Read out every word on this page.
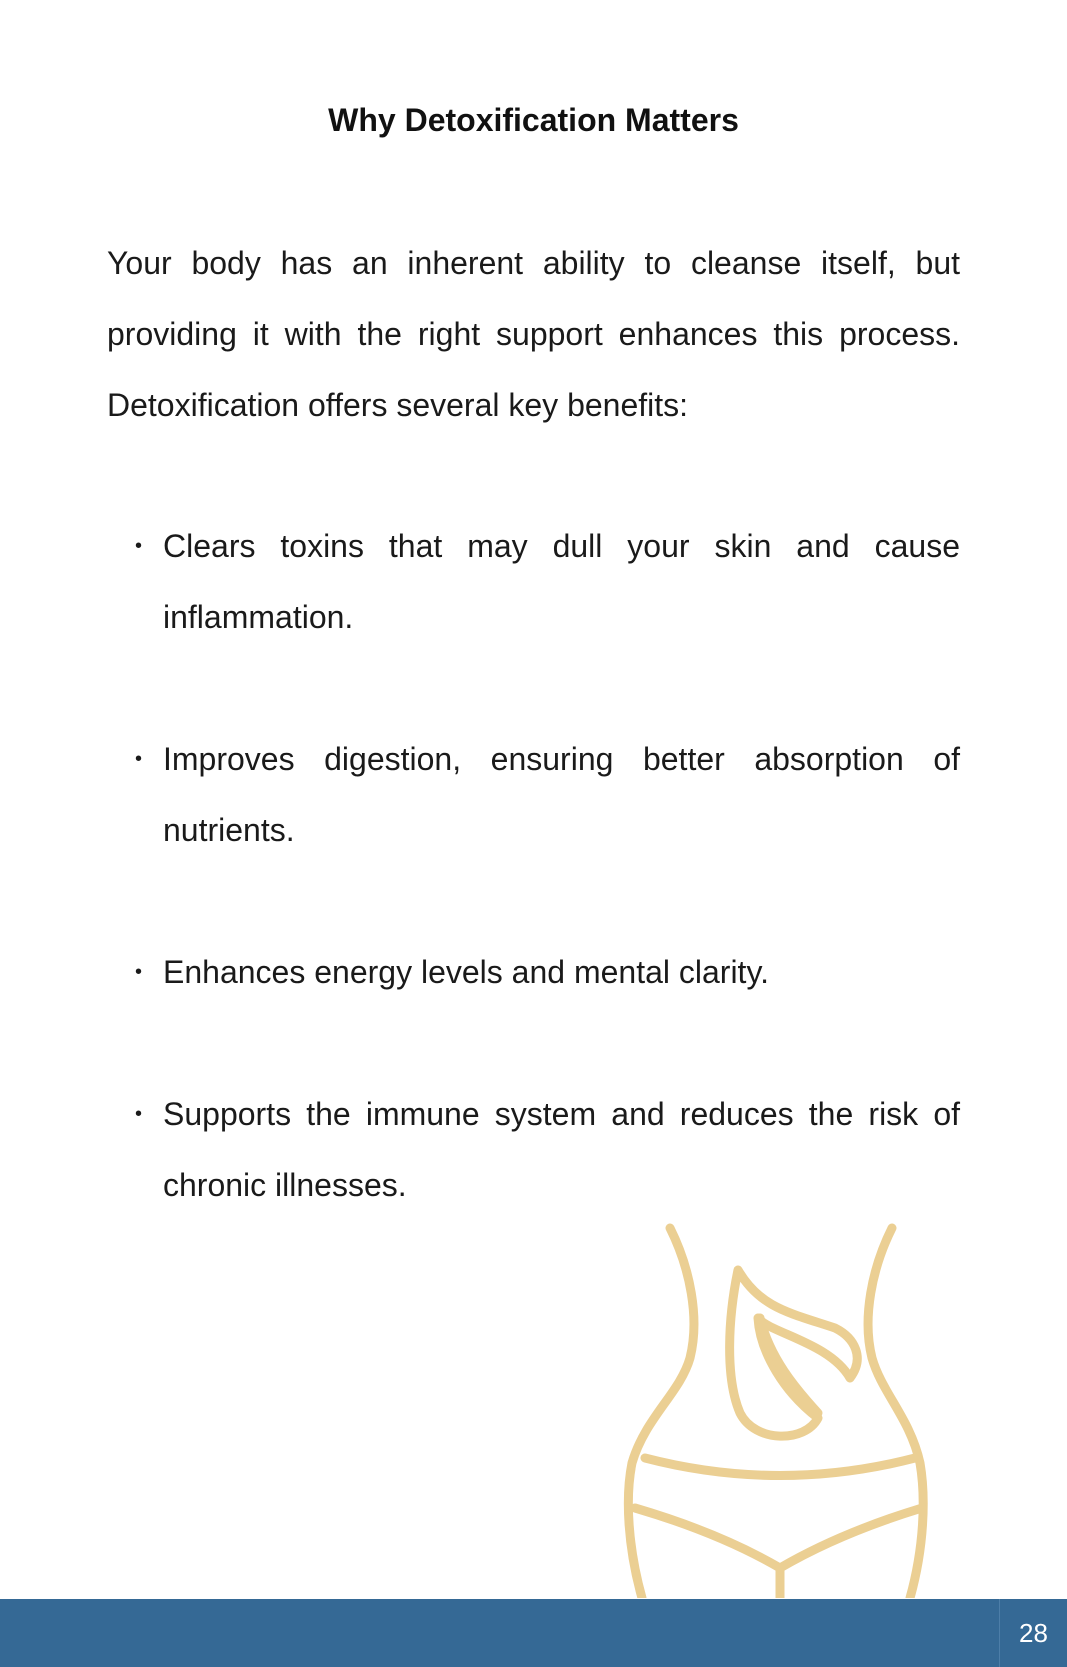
Why Detoxification Matters

Your body has an inherent ability to cleanse itself, but providing it with the right support enhances this process. Detoxification offers several key benefits:

• Clears toxins that may dull your skin and cause inflammation.
• Improves digestion, ensuring better absorption of nutrients.
• Enhances energy levels and mental clarity.
• Supports the immune system and reduces the risk of chronic illnesses.
28
